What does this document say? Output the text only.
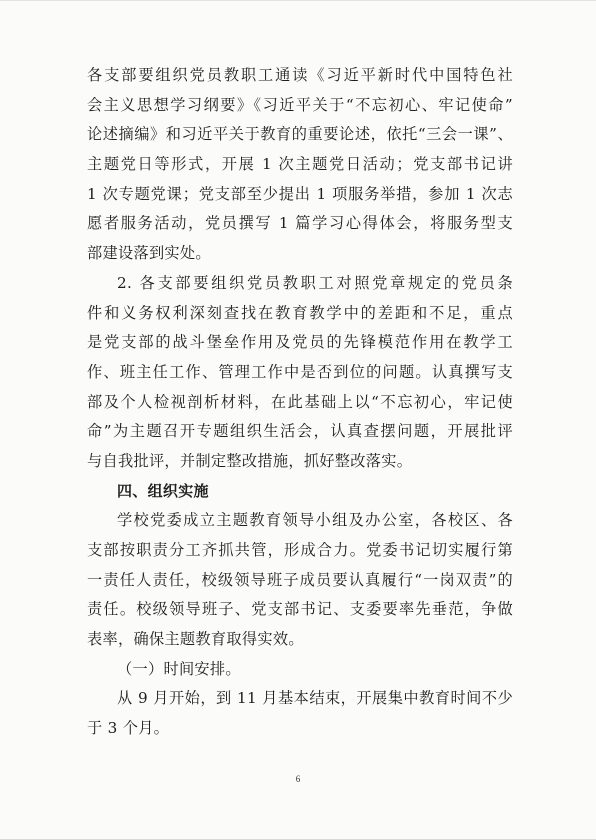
各支部要组织党员教职工通读《习近平新时代中国特色社
会主义思想学习纲要》《习近平关于“不忘初心、牢记使命”
论述摘编》和习近平关于教育的重要论述，依托“三会一课”、
主题党日等形式，开展 1 次主题党日活动；党支部书记讲
1 次专题党课；党支部至少提出 1 项服务举措，参加 1 次志
愿者服务活动，党员撰写 1 篇学习心得体会，将服务型支
部建设落到实处。
2. 各支部要组织党员教职工对照党章规定的党员条
件和义务权利深刻查找在教育教学中的差距和不足，重点
是党支部的战斗堡垒作用及党员的先锋模范作用在教学工
作、班主任工作、管理工作中是否到位的问题。认真撰写支
部及个人检视剖析材料，在此基础上以“不忘初心，牢记使
命”为主题召开专题组织生活会，认真查摆问题，开展批评
与自我批评，并制定整改措施，抓好整改落实。
四、组织实施
学校党委成立主题教育领导小组及办公室，各校区、各
支部按职责分工齐抓共管，形成合力。党委书记切实履行第
一责任人责任，校级领导班子成员要认真履行“一岗双责”的
责任。校级领导班子、党支部书记、支委要率先垂范，争做
表率，确保主题教育取得实效。
（一）时间安排。
从 9 月开始，到 11 月基本结束，开展集中教育时间不少
于 3 个月。
6
